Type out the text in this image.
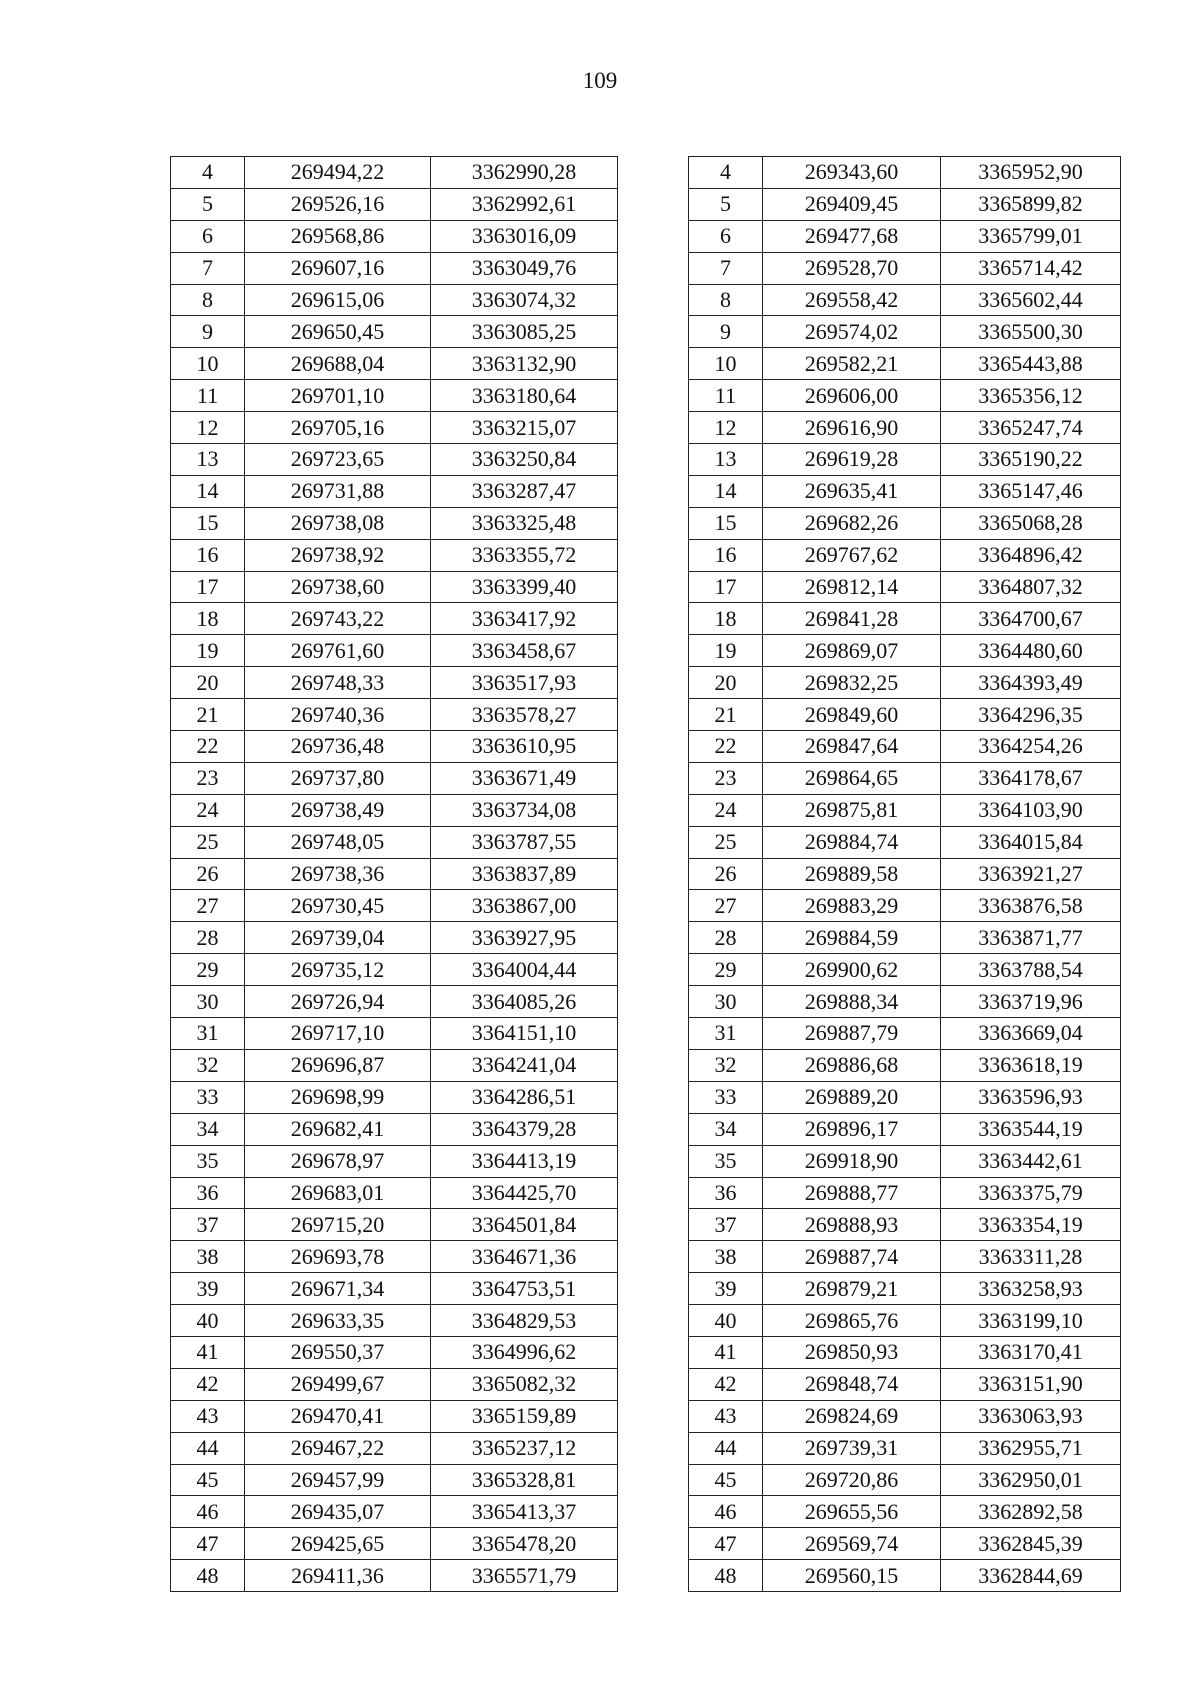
109
4	269494,22	3362990,28
5	269526,16	3362992,61
6	269568,86	3363016,09
7	269607,16	3363049,76
8	269615,06	3363074,32
9	269650,45	3363085,25
10	269688,04	3363132,90
11	269701,10	3363180,64
12	269705,16	3363215,07
13	269723,65	3363250,84
14	269731,88	3363287,47
15	269738,08	3363325,48
16	269738,92	3363355,72
17	269738,60	3363399,40
18	269743,22	3363417,92
19	269761,60	3363458,67
20	269748,33	3363517,93
21	269740,36	3363578,27
22	269736,48	3363610,95
23	269737,80	3363671,49
24	269738,49	3363734,08
25	269748,05	3363787,55
26	269738,36	3363837,89
27	269730,45	3363867,00
28	269739,04	3363927,95
29	269735,12	3364004,44
30	269726,94	3364085,26
31	269717,10	3364151,10
32	269696,87	3364241,04
33	269698,99	3364286,51
34	269682,41	3364379,28
35	269678,97	3364413,19
36	269683,01	3364425,70
37	269715,20	3364501,84
38	269693,78	3364671,36
39	269671,34	3364753,51
40	269633,35	3364829,53
41	269550,37	3364996,62
42	269499,67	3365082,32
43	269470,41	3365159,89
44	269467,22	3365237,12
45	269457,99	3365328,81
46	269435,07	3365413,37
47	269425,65	3365478,20
48	269411,36	3365571,79
4	269343,60	3365952,90
5	269409,45	3365899,82
6	269477,68	3365799,01
7	269528,70	3365714,42
8	269558,42	3365602,44
9	269574,02	3365500,30
10	269582,21	3365443,88
11	269606,00	3365356,12
12	269616,90	3365247,74
13	269619,28	3365190,22
14	269635,41	3365147,46
15	269682,26	3365068,28
16	269767,62	3364896,42
17	269812,14	3364807,32
18	269841,28	3364700,67
19	269869,07	3364480,60
20	269832,25	3364393,49
21	269849,60	3364296,35
22	269847,64	3364254,26
23	269864,65	3364178,67
24	269875,81	3364103,90
25	269884,74	3364015,84
26	269889,58	3363921,27
27	269883,29	3363876,58
28	269884,59	3363871,77
29	269900,62	3363788,54
30	269888,34	3363719,96
31	269887,79	3363669,04
32	269886,68	3363618,19
33	269889,20	3363596,93
34	269896,17	3363544,19
35	269918,90	3363442,61
36	269888,77	3363375,79
37	269888,93	3363354,19
38	269887,74	3363311,28
39	269879,21	3363258,93
40	269865,76	3363199,10
41	269850,93	3363170,41
42	269848,74	3363151,90
43	269824,69	3363063,93
44	269739,31	3362955,71
45	269720,86	3362950,01
46	269655,56	3362892,58
47	269569,74	3362845,39
48	269560,15	3362844,69
